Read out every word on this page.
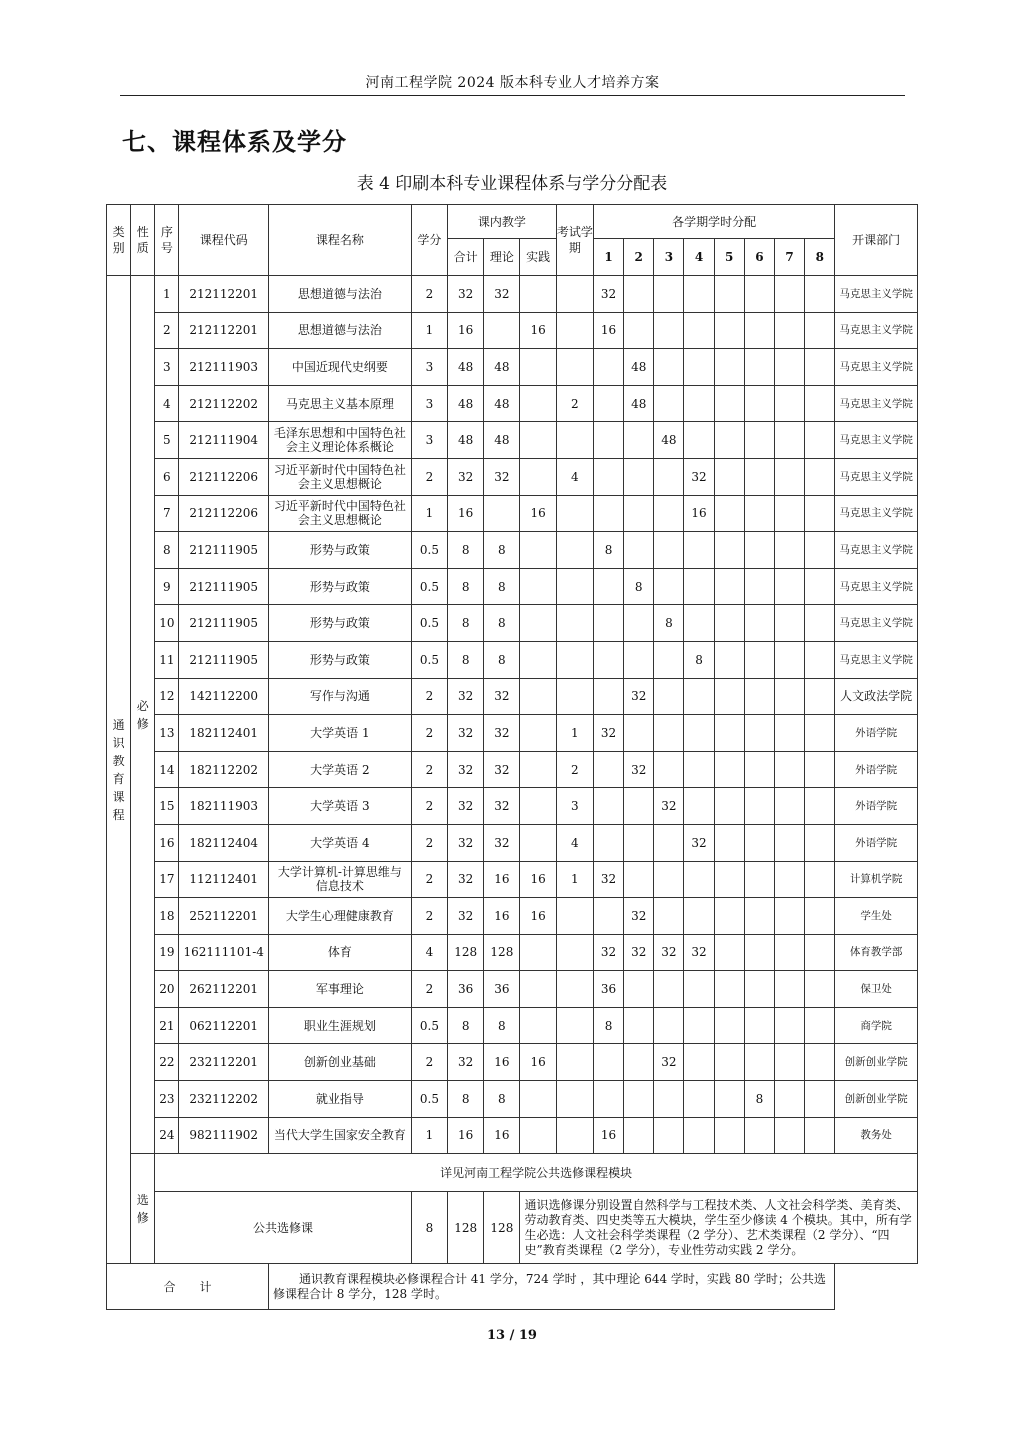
河南工程学院 2024 版本科专业人才培养方案
七、课程体系及学分
表 4 印刷本科专业课程体系与学分分配表
类别	性质	序号	课程代码	课程名称	学分	课内教学			考试学期	各学期学时分配								开课部门
						合计	理论	实践		1	2	3	4	5	6	7	8	
通识教育课程	必修	1	212112201	思想道德与法治	2	32	32			32								马克思主义学院
		2	212112201	思想道德与法治	1	16		16		16								马克思主义学院
		3	212111903	中国近现代史纲要	3	48	48				48							马克思主义学院
		4	212112202	马克思主义基本原理	3	48	48		2		48							马克思主义学院
		5	212111904	毛泽东思想和中国特色社会主义理论体系概论	3	48	48					48						马克思主义学院
		6	212112206	习近平新时代中国特色社会主义思想概论	2	32	32		4				32					马克思主义学院
		7	212112206	习近平新时代中国特色社会主义思想概论	1	16		16					16					马克思主义学院
		8	212111905	形势与政策	0.5	8	8			8								马克思主义学院
		9	212111905	形势与政策	0.5	8	8				8							马克思主义学院
		10	212111905	形势与政策	0.5	8	8					8						马克思主义学院
		11	212111905	形势与政策	0.5	8	8						8					马克思主义学院
		12	142112200	写作与沟通	2	32	32				32							人文政法学院
		13	182112401	大学英语 1	2	32	32		1	32								外语学院
		14	182112202	大学英语 2	2	32	32		2		32							外语学院
		15	182111903	大学英语 3	2	32	32		3			32						外语学院
		16	182112404	大学英语 4	2	32	32		4				32					外语学院
		17	112112401	大学计算机-计算思维与信息技术	2	32	16	16	1	32								计算机学院
		18	252112201	大学生心理健康教育	2	32	16	16			32							学生处
		19	162111101-4	体育	4	128	128			32	32	32	32					体育教学部
		20	262112201	军事理论	2	36	36			36								保卫处
		21	062112201	职业生涯规划	0.5	8	8			8								商学院
		22	232112201	创新创业基础	2	32	16	16				32						创新创业学院
		23	232112202	就业指导	0.5	8	8								8			创新创业学院
		24	982111902	当代大学生国家安全教育	1	16	16			16								教务处
	选修	详见河南工程学院公共选修课程模块																
		公共选修课			8	128	128	通识选修课分别设置自然科学与工程技术类、人文社会科学类、美育类、劳动教育类、四史类等五大模块，学生至少修读 4 个模块。其中，所有学生必选：人文社会科学类课程（2 学分）、艺术类课程（2 学分）、“四史”教育类课程（2 学分），专业性劳动实践 2 学分。										
合　　计				通识教育课程模块必修课程合计 41 学分，724 学时 ，其中理论 644 学时，实践 80 学时；公共选修课程合计 8 学分，128 学时。														
13 / 19
